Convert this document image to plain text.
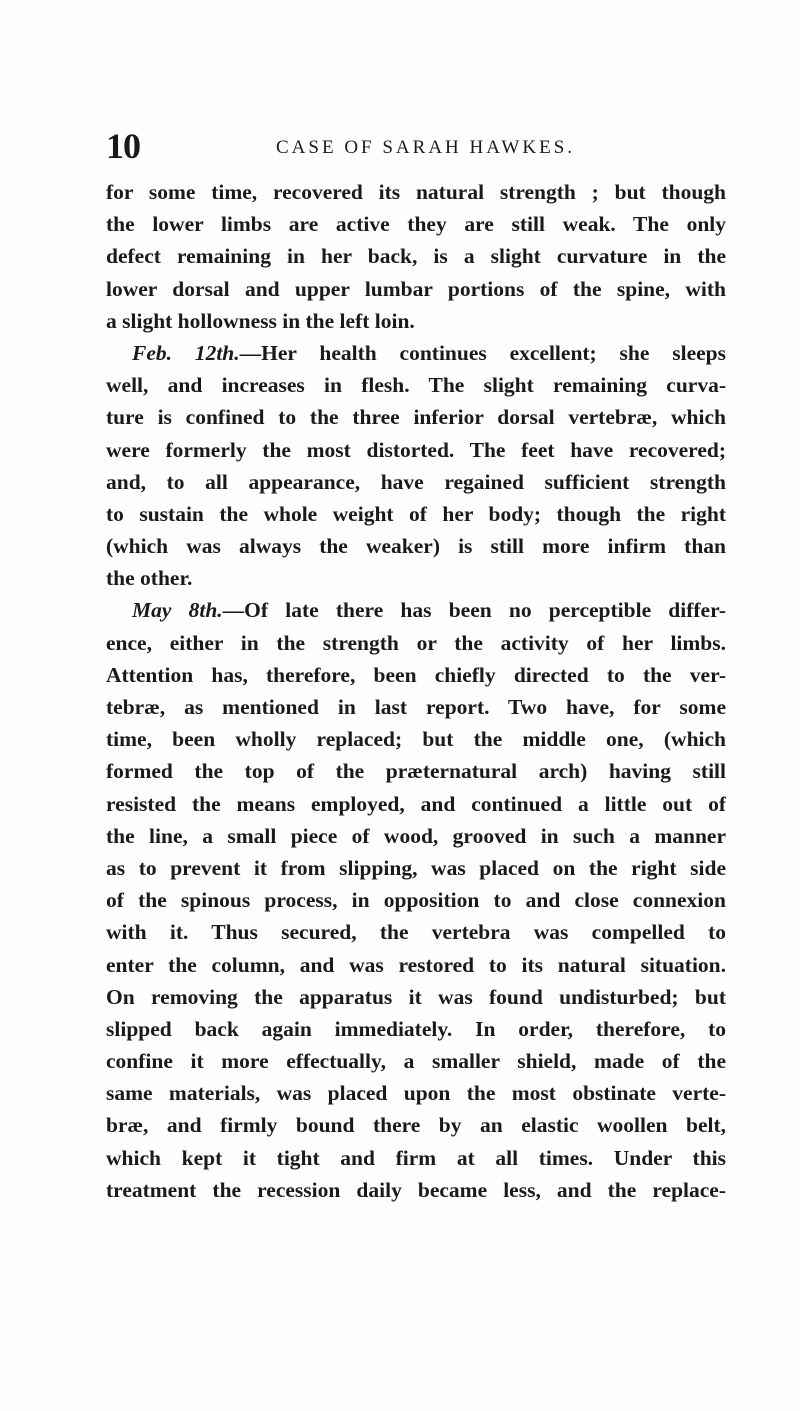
10	CASE OF SARAH HAWKES.
for some time, recovered its natural strength ; but though
the lower limbs are active they are still weak. The only
defect remaining in her back, is a slight curvature in the
lower dorsal and upper lumbar portions of the spine, with
a slight hollowness in the left loin.
Feb. 12th.—Her health continues excellent; she sleeps
well, and increases in flesh. The slight remaining curva-
ture is confined to the three inferior dorsal vertebræ, which
were formerly the most distorted. The feet have recovered;
and, to all appearance, have regained sufficient strength
to sustain the whole weight of her body; though the right
(which was always the weaker) is still more infirm than
the other.
May 8th.—Of late there has been no perceptible differ-
ence, either in the strength or the activity of her limbs.
Attention has, therefore, been chiefly directed to the ver-
tebræ, as mentioned in last report. Two have, for some
time, been wholly replaced; but the middle one, (which
formed the top of the præternatural arch) having still
resisted the means employed, and continued a little out of
the line, a small piece of wood, grooved in such a manner
as to prevent it from slipping, was placed on the right side
of the spinous process, in opposition to and close connexion
with it. Thus secured, the vertebra was compelled to
enter the column, and was restored to its natural situation.
On removing the apparatus it was found undisturbed; but
slipped back again immediately. In order, therefore, to
confine it more effectually, a smaller shield, made of the
same materials, was placed upon the most obstinate verte-
bræ, and firmly bound there by an elastic woollen belt,
which kept it tight and firm at all times. Under this
treatment the recession daily became less, and the replace-
